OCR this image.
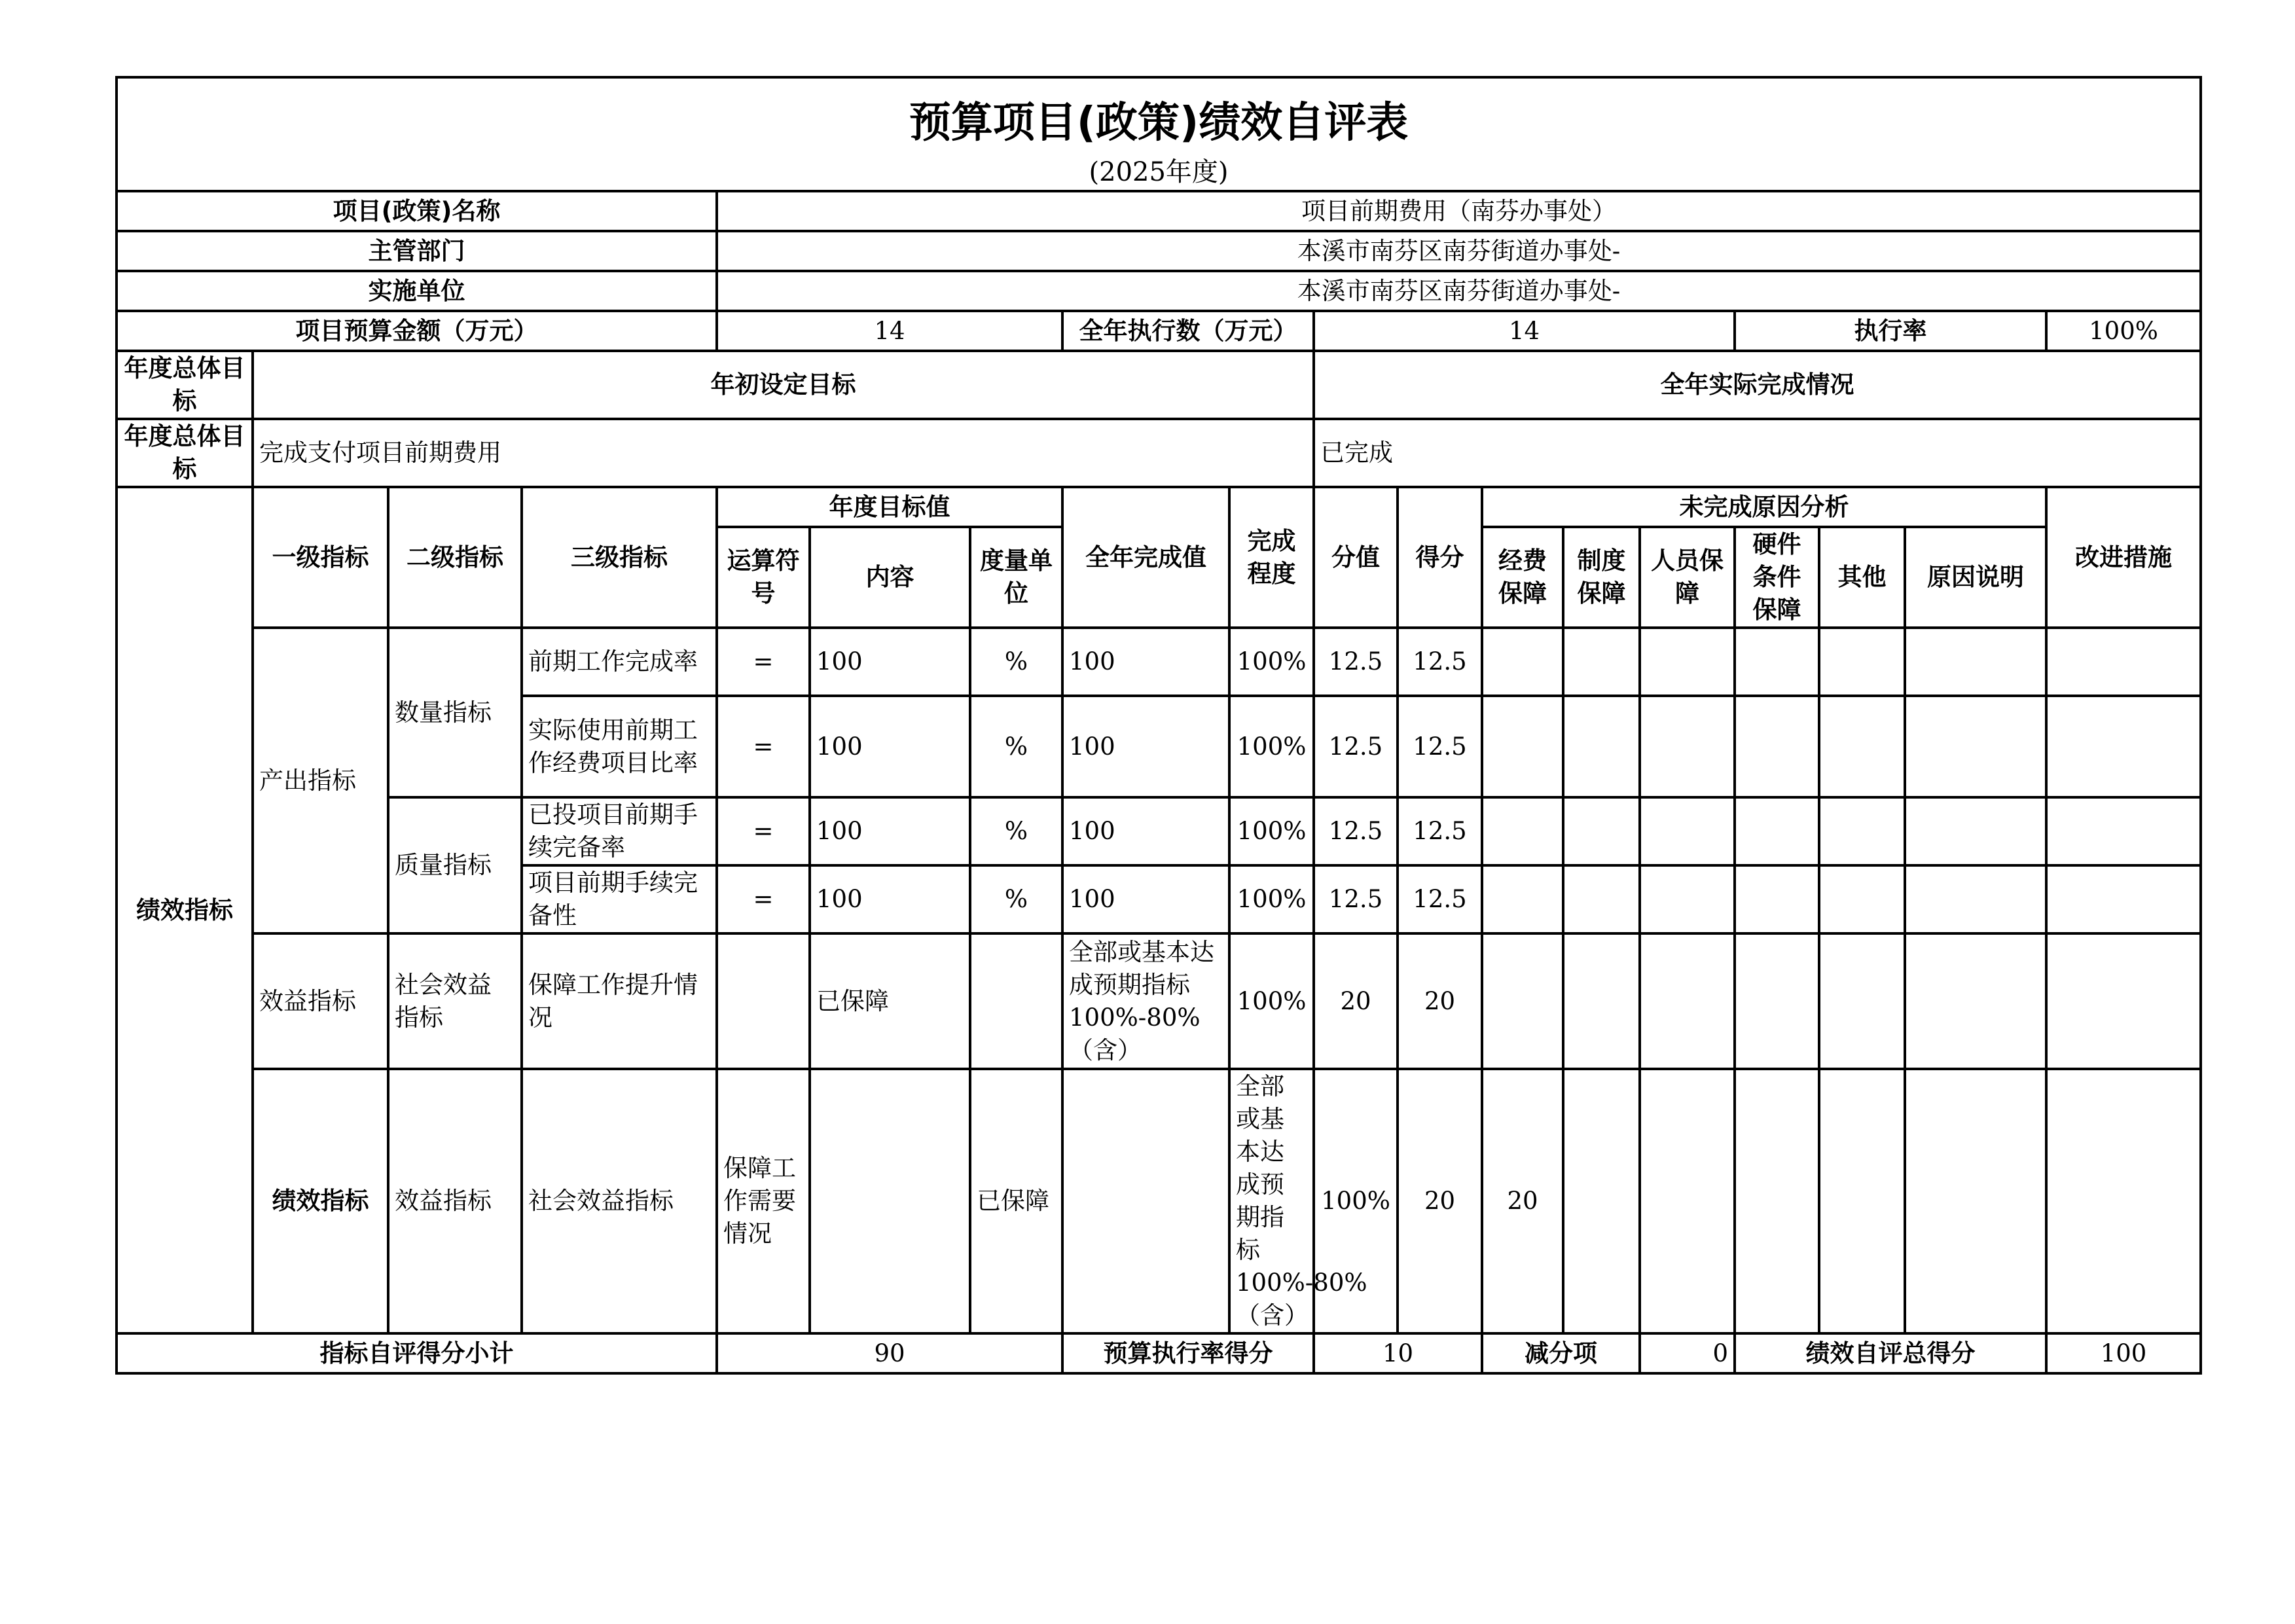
预算项目(政策)绩效自评表
(2025年度)																		

项目(政策)名称				项目前期费用（南芬办事处）														
主管部门				本溪市南芬区南芬街道办事处-														
实施单位				本溪市南芬区南芬街道办事处-														
项目预算金额（万元）				14			全年执行数（万元）		14					执行率			100%	
年度总体目标	年初设定目标								全年实际完成情况									
年度总体目标	完成支付项目前期费用								已完成									
绩效指标	一级指标	二级指标	三级指标	年度目标值			全年完成值	完成程度	分值	得分	未完成原因分析						改进措施	
				运算符号	内容	度量单位					经费保障	制度保障	人员保障	硬件条件保障	其他	原因说明		
	产出指标	数量指标	前期工作完成率	=	100	%	100	100%	12.5	12.5								
			实际使用前期工作经费项目比率	=	100	%	100	100%	12.5	12.5								
		质量指标	已投项目前期手续完备率	=	100	%	100	100%	12.5	12.5								
			项目前期手续完备性	=	100	%	100	100%	12.5	12.5								
	效益指标	社会效益指标	保障工作提升情况		已保障		全部或基本达成预期指标100%-80%（含）	100%	20	20								
	绩效指标	效益指标	社会效益指标	保障工作需要情况		已保障		全部或基本达成预期指标100%-80%（含）	100%	20	20							
指标自评得分小计				90			预算执行率得分		10		减分项		0	绩效自评总得分			100	
